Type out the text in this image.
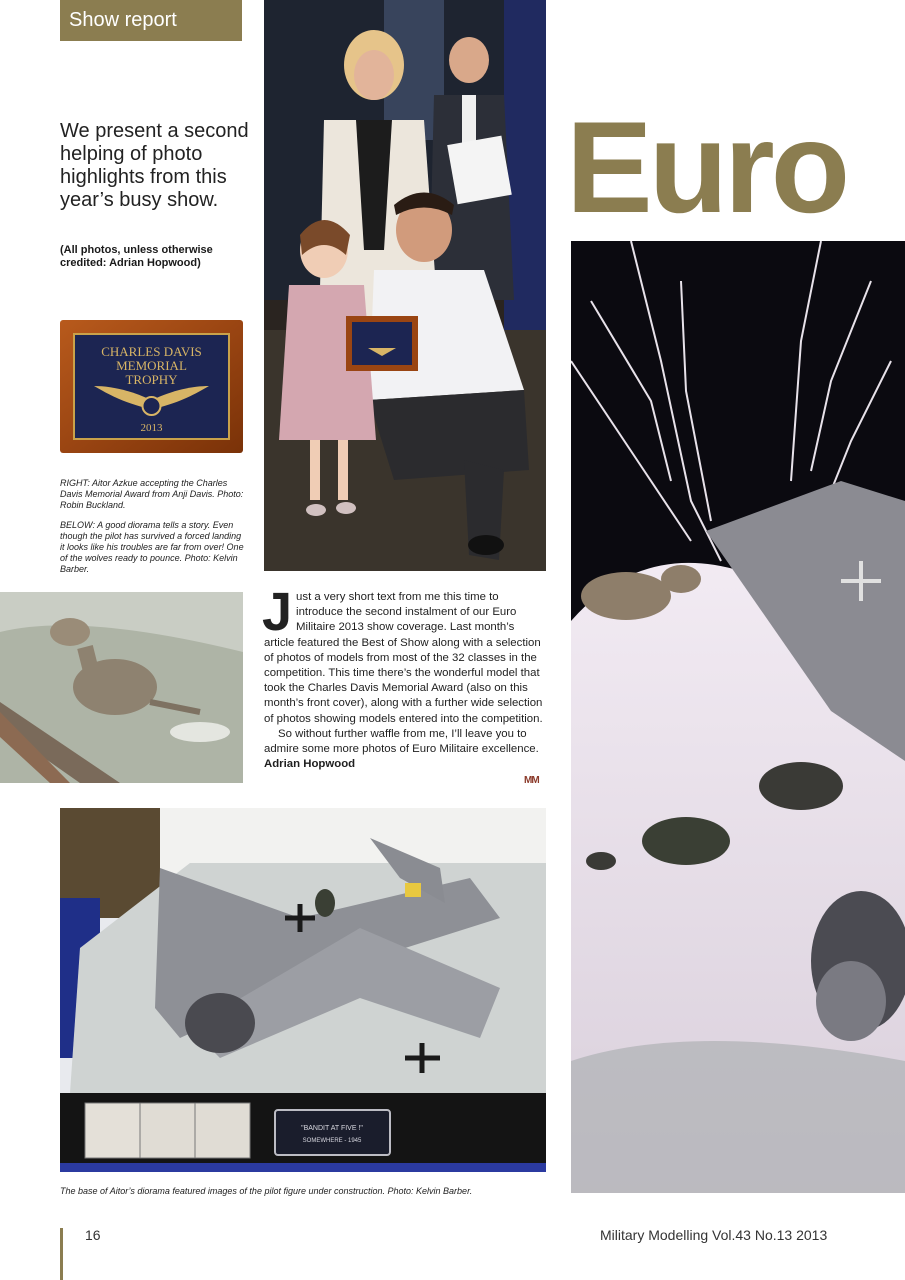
Show report
We present a second helping of photo highlights from this year’s busy show.
(All photos, unless otherwise credited: Adrian Hopwood)
CHARLES DAVIS
MEMORIAL
TROPHY
2013
RIGHT: Aitor Azkue accepting the Charles Davis Memorial Award from Anji Davis. Photo: Robin Buckland.
BELOW: A good diorama tells a story. Even though the pilot has survived a forced landing it looks like his troubles are far from over! One of the wolves ready to pounce. Photo: Kelvin Barber.
Euro
J ust a very short text from me this time to introduce the second instalment of our Euro Militaire 2013 show coverage. Last month’s article featured the Best of Show along with a selection of photos of models from most of the 32 classes in the competition. This time there’s the wonderful model that took the Charles Davis Memorial Award (also on this month’s front cover), along with a further wide selection of photos showing models entered into the competition.

So without further waffle from me, I’ll leave you to admire some more photos of Euro Militaire excellence.

Adrian Hopwood

MM
"BANDIT AT FIVE !"
SOMEWHERE - 1945
The base of Aitor’s diorama featured images of the pilot figure under construction. Photo: Kelvin Barber.
16	Military Modelling Vol.43 No.13 2013
